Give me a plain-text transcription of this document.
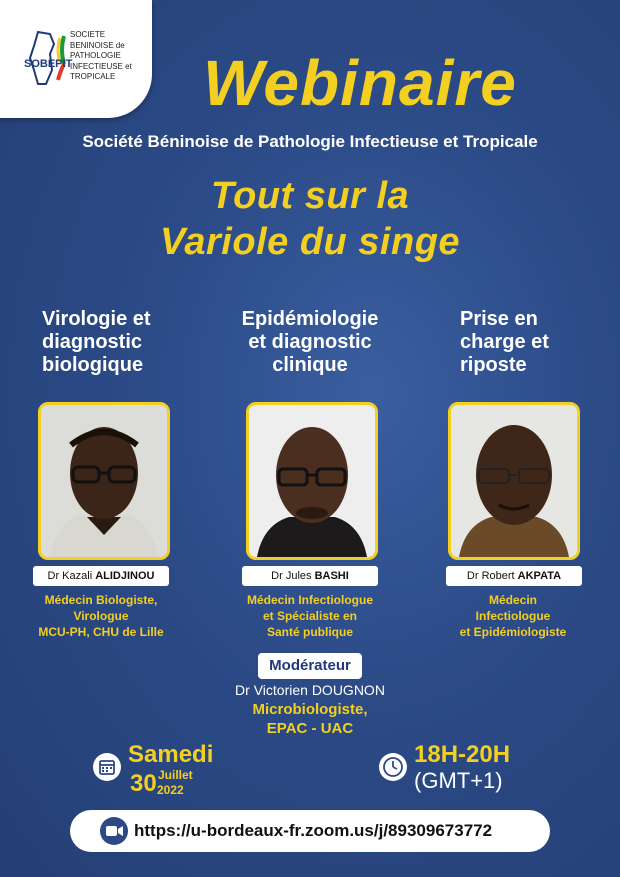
SOBEPIT
SOCIETE
BENINOISE de
PATHOLOGIE
INFECTIEUSE et
TROPICALE	Webinaire
Société Béninoise de Pathologie Infectieuse et Tropicale
Tout sur la
Variole du singe
Virologie et
diagnostic
biologique
Dr Kazali ALIDJINOU
Médecin Biologiste,
Virologue
MCU-PH, CHU de Lille
Epidémiologie
et diagnostic
clinique
Dr Jules BASHI
Médecin Infectiologue
et Spécialiste en
Santé publique
Prise en
charge et
riposte
Dr Robert AKPATA
Médecin
Infectiologue
et Epidémiologiste
Modérateur
Dr Victorien DOUGNON
Microbiologiste,
EPAC - UAC
Samedi
30 Juillet
2022
18H-20H
(GMT+1)
https://u-bordeaux-fr.zoom.us/j/89309673772
